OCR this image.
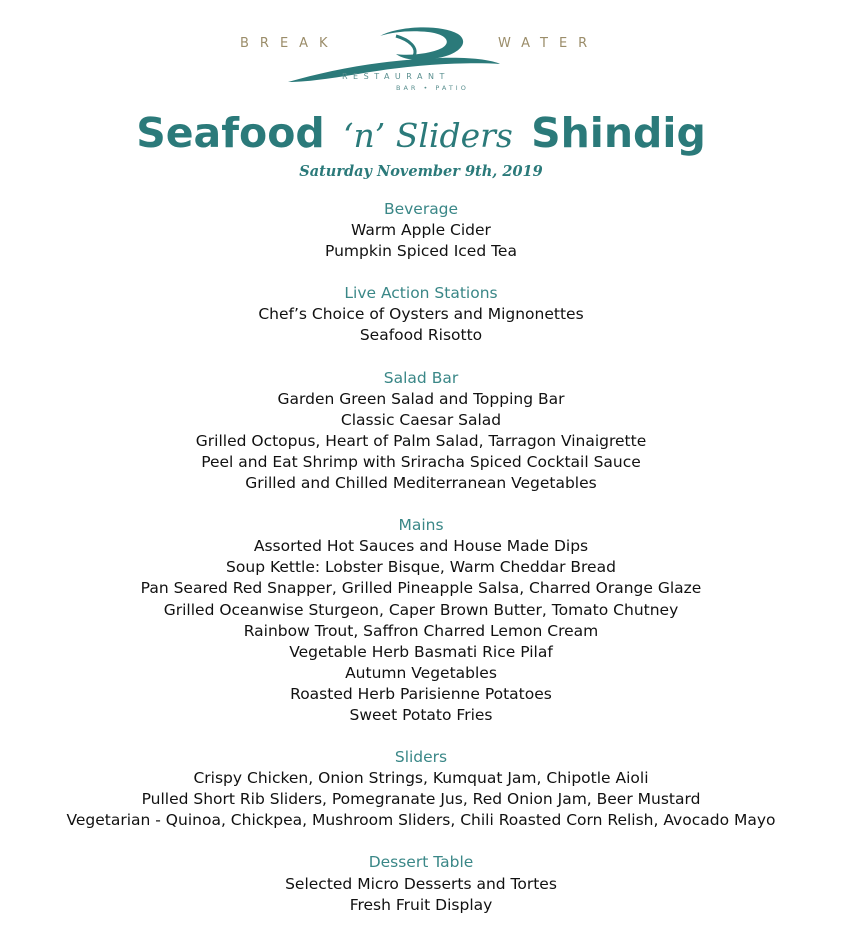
BREAK	WATER
RESTAURANT
BAR • PATIO
Seafood ‘n’ Sliders Shindig
Saturday November 9th, 2019
Beverage
Warm Apple Cider
Pumpkin Spiced Iced Tea
Live Action Stations
Chef’s Choice of Oysters and Mignonettes
Seafood Risotto
Salad Bar
Garden Green Salad and Topping Bar
Classic Caesar Salad
Grilled Octopus, Heart of Palm Salad, Tarragon Vinaigrette
Peel and Eat Shrimp with Sriracha Spiced Cocktail Sauce
Grilled and Chilled Mediterranean Vegetables
Mains
Assorted Hot Sauces and House Made Dips
Soup Kettle: Lobster Bisque, Warm Cheddar Bread
Pan Seared Red Snapper, Grilled Pineapple Salsa, Charred Orange Glaze
Grilled Oceanwise Sturgeon, Caper Brown Butter, Tomato Chutney
Rainbow Trout, Saffron Charred Lemon Cream
Vegetable Herb Basmati Rice Pilaf
Autumn Vegetables
Roasted Herb Parisienne Potatoes
Sweet Potato Fries
Sliders
Crispy Chicken, Onion Strings, Kumquat Jam, Chipotle Aioli
Pulled Short Rib Sliders, Pomegranate Jus, Red Onion Jam, Beer Mustard
Vegetarian - Quinoa, Chickpea, Mushroom Sliders, Chili Roasted Corn Relish, Avocado Mayo
Dessert Table
Selected Micro Desserts and Tortes
Fresh Fruit Display
